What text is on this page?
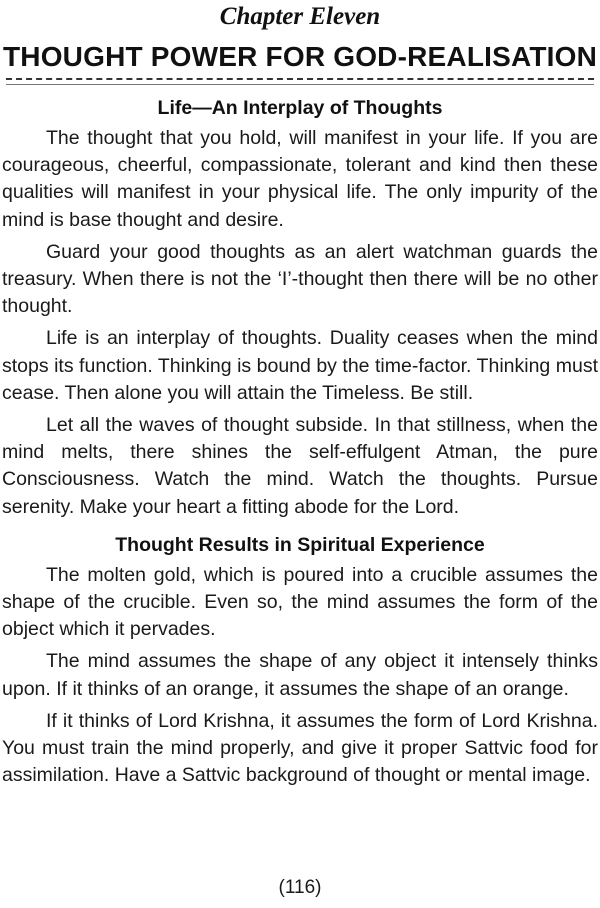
Chapter Eleven
THOUGHT POWER FOR GOD-REALISATION
Life—An Interplay of Thoughts

The thought that you hold, will manifest in your life. If you are courageous, cheerful, compassionate, tolerant and kind then these qualities will manifest in your physical life. The only impurity of the mind is base thought and desire.

Guard your good thoughts as an alert watchman guards the treasury. When there is not the ‘I’-thought then there will be no other thought.

Life is an interplay of thoughts. Duality ceases when the mind stops its function. Thinking is bound by the time-factor. Thinking must cease. Then alone you will attain the Timeless. Be still.

Let all the waves of thought subside. In that stillness, when the mind melts, there shines the self-effulgent Atman, the pure Consciousness. Watch the mind. Watch the thoughts. Pursue serenity. Make your heart a fitting abode for the Lord.

Thought Results in Spiritual Experience

The molten gold, which is poured into a crucible assumes the shape of the crucible. Even so, the mind assumes the form of the object which it pervades.

The mind assumes the shape of any object it intensely thinks upon. If it thinks of an orange, it assumes the shape of an orange.

If it thinks of Lord Krishna, it assumes the form of Lord Krishna. You must train the mind properly, and give it proper Sattvic food for assimilation. Have a Sattvic background of thought or mental image.

(116)
